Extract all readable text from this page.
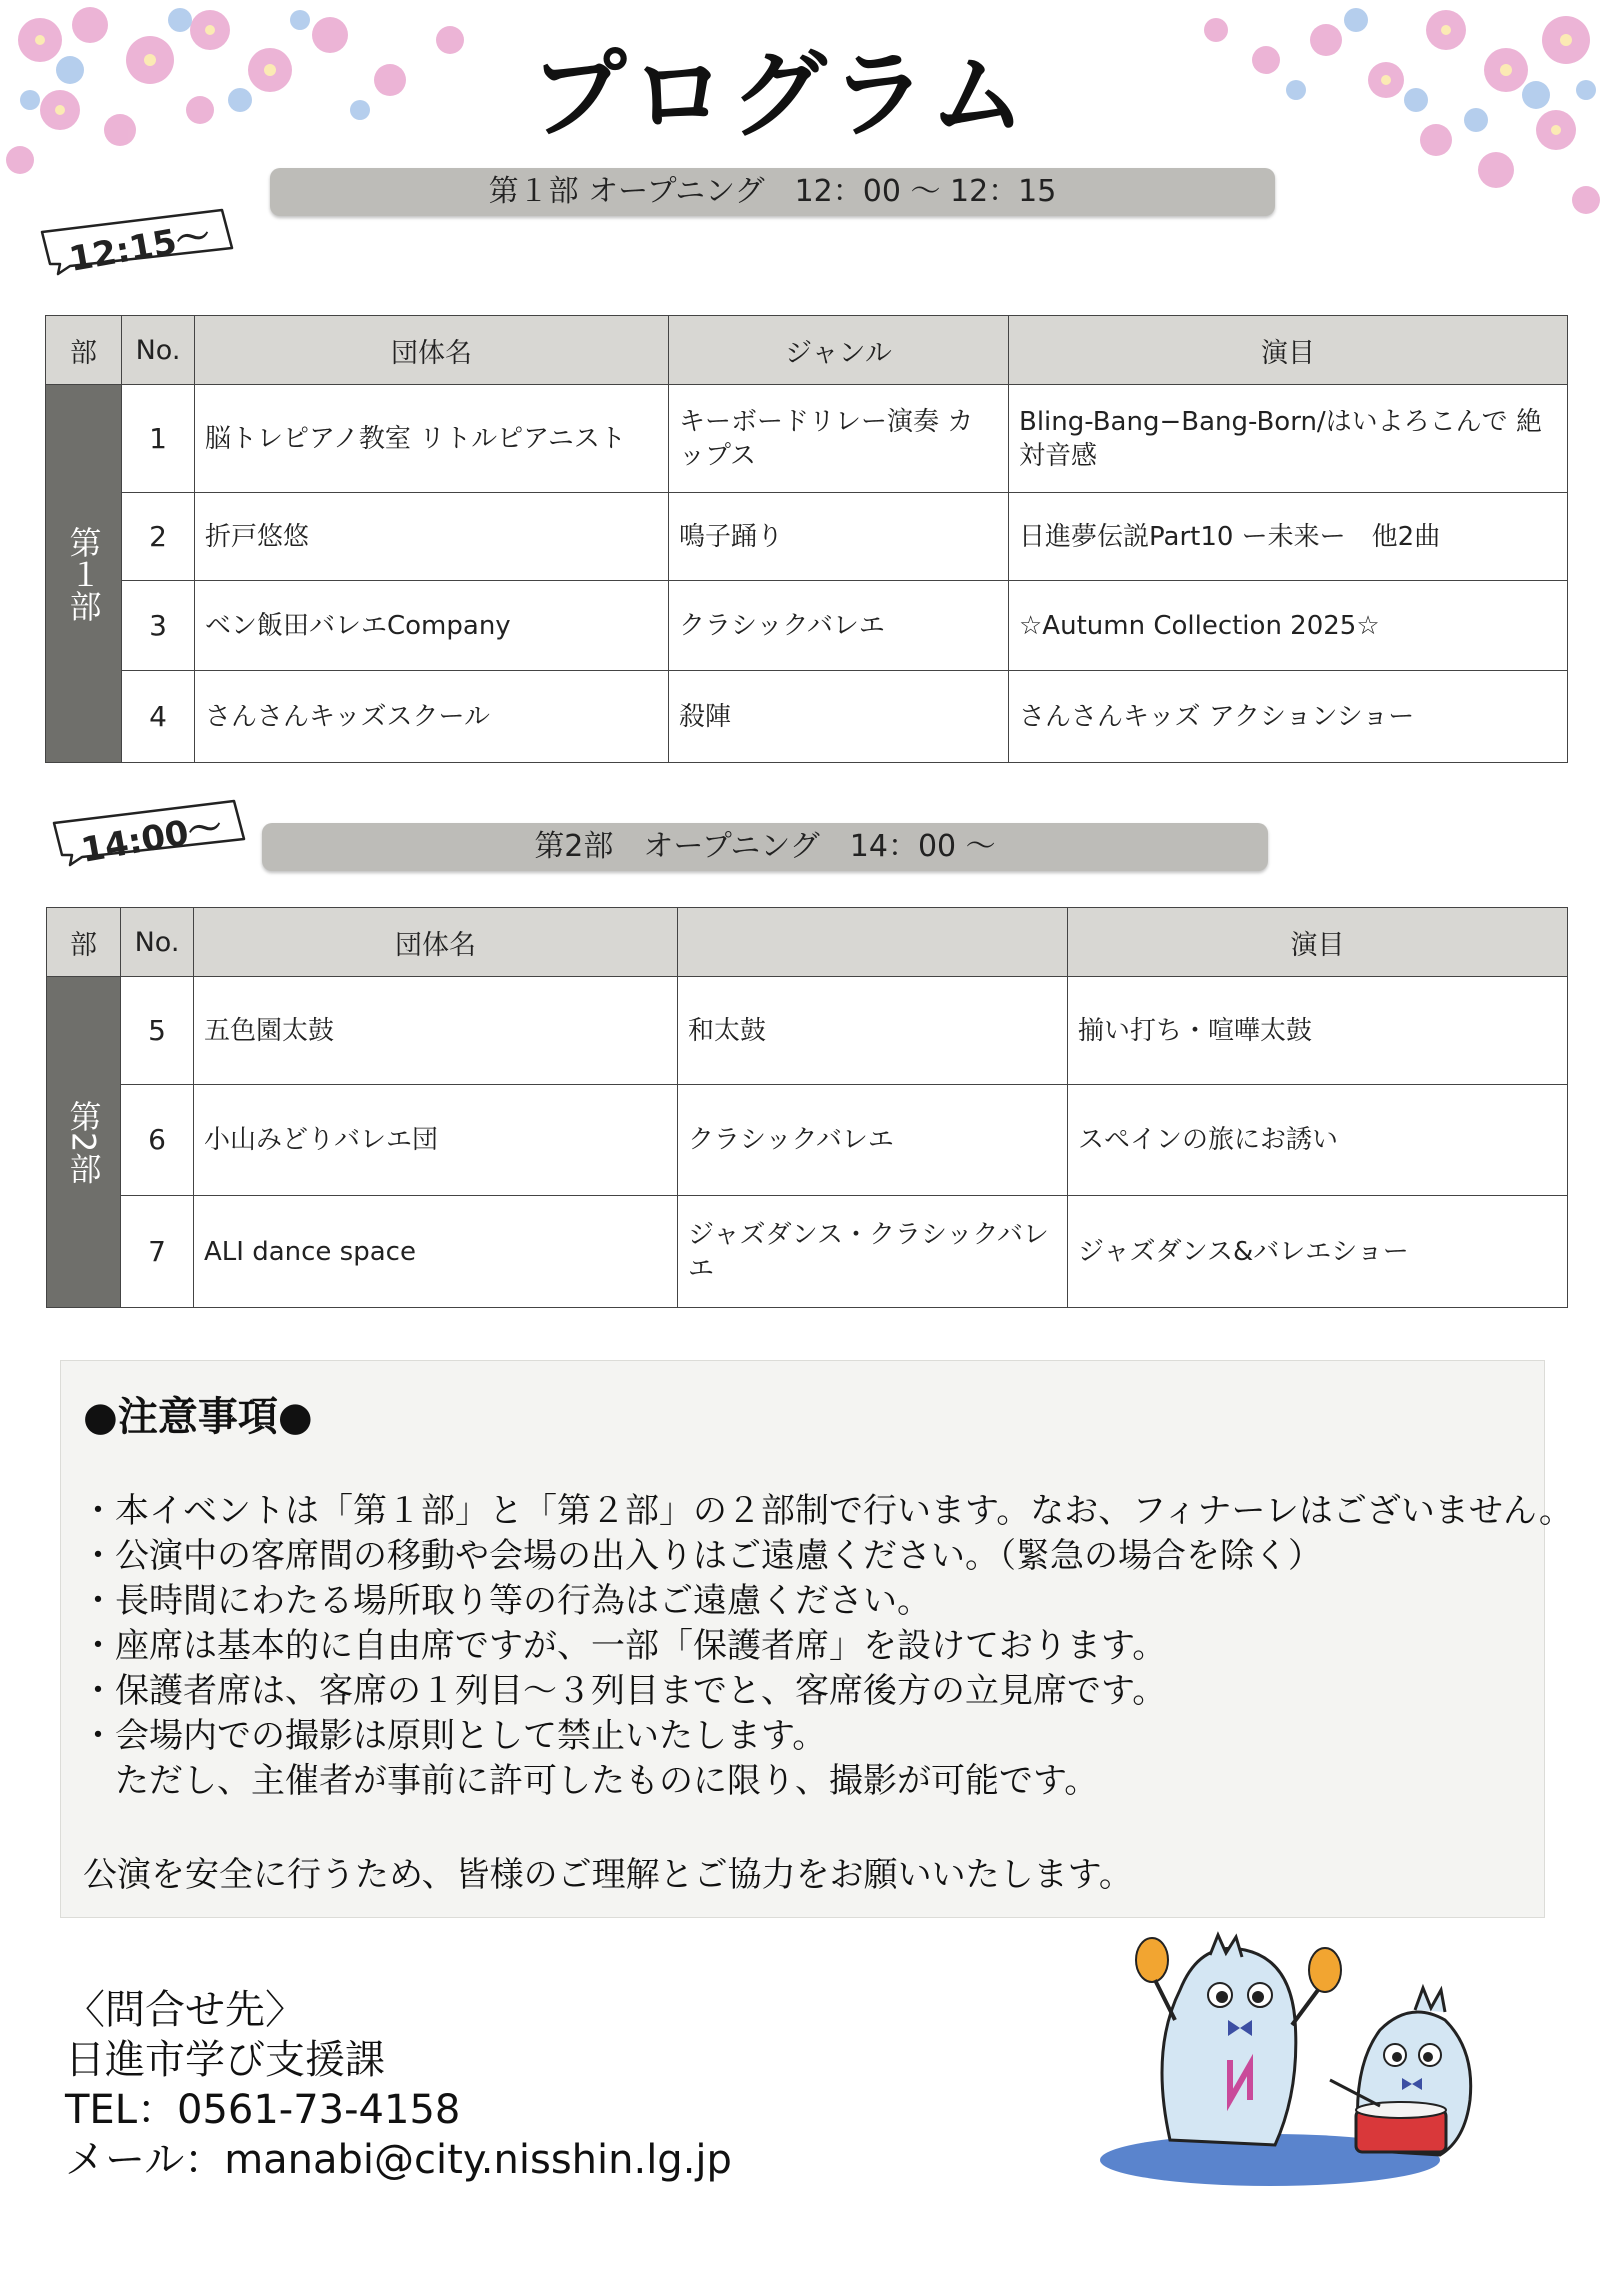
プログラム
第１部 オープニング　12：00 ～ 12：15
12:15～
部	No.	団体名	ジャンル	演目

第１部	1	脳トレピアノ教室 リトルピアニスト	キーボードリレー演奏 カップス	Bling-Bang−Bang-Born/はいよろこんで 絶対音感
	2	折戸悠悠	鳴子踊り	日進夢伝説Part10 ー未来ー　他2曲
	3	ベン飯田バレエCompany	クラシックバレエ	☆Autumn Collection 2025☆
	4	さんさんキッズスクール	殺陣	さんさんキッズ アクションショー
14:00～	第2部　オープニング　14：00 ～
部	No.	団体名		演目

第2部	5	五色園太鼓	和太鼓	揃い打ち・喧嘩太鼓
	6	小山みどりバレエ団	クラシックバレエ	スペインの旅にお誘い
	7	ALI dance space	ジャズダンス・クラシックバレエ	ジャズダンス&バレエショー
●注意事項●
・本イベントは「第１部」と「第２部」の２部制で行います。なお、フィナーレはございません。
・公演中の客席間の移動や会場の出入りはご遠慮ください。（緊急の場合を除く）
・長時間にわたる場所取り等の行為はご遠慮ください。
・座席は基本的に自由席ですが、一部「保護者席」を設けております。
・保護者席は、客席の１列目～３列目までと、客席後方の立見席です。
・会場内での撮影は原則として禁止いたします。
　ただし、主催者が事前に許可したものに限り、撮影が可能です。
公演を安全に行うため、皆様のご理解とご協力をお願いいたします。
〈問合せ先〉
日進市学び支援課
TEL：0561-73-4158
メール：manabi@city.nisshin.lg.jp
